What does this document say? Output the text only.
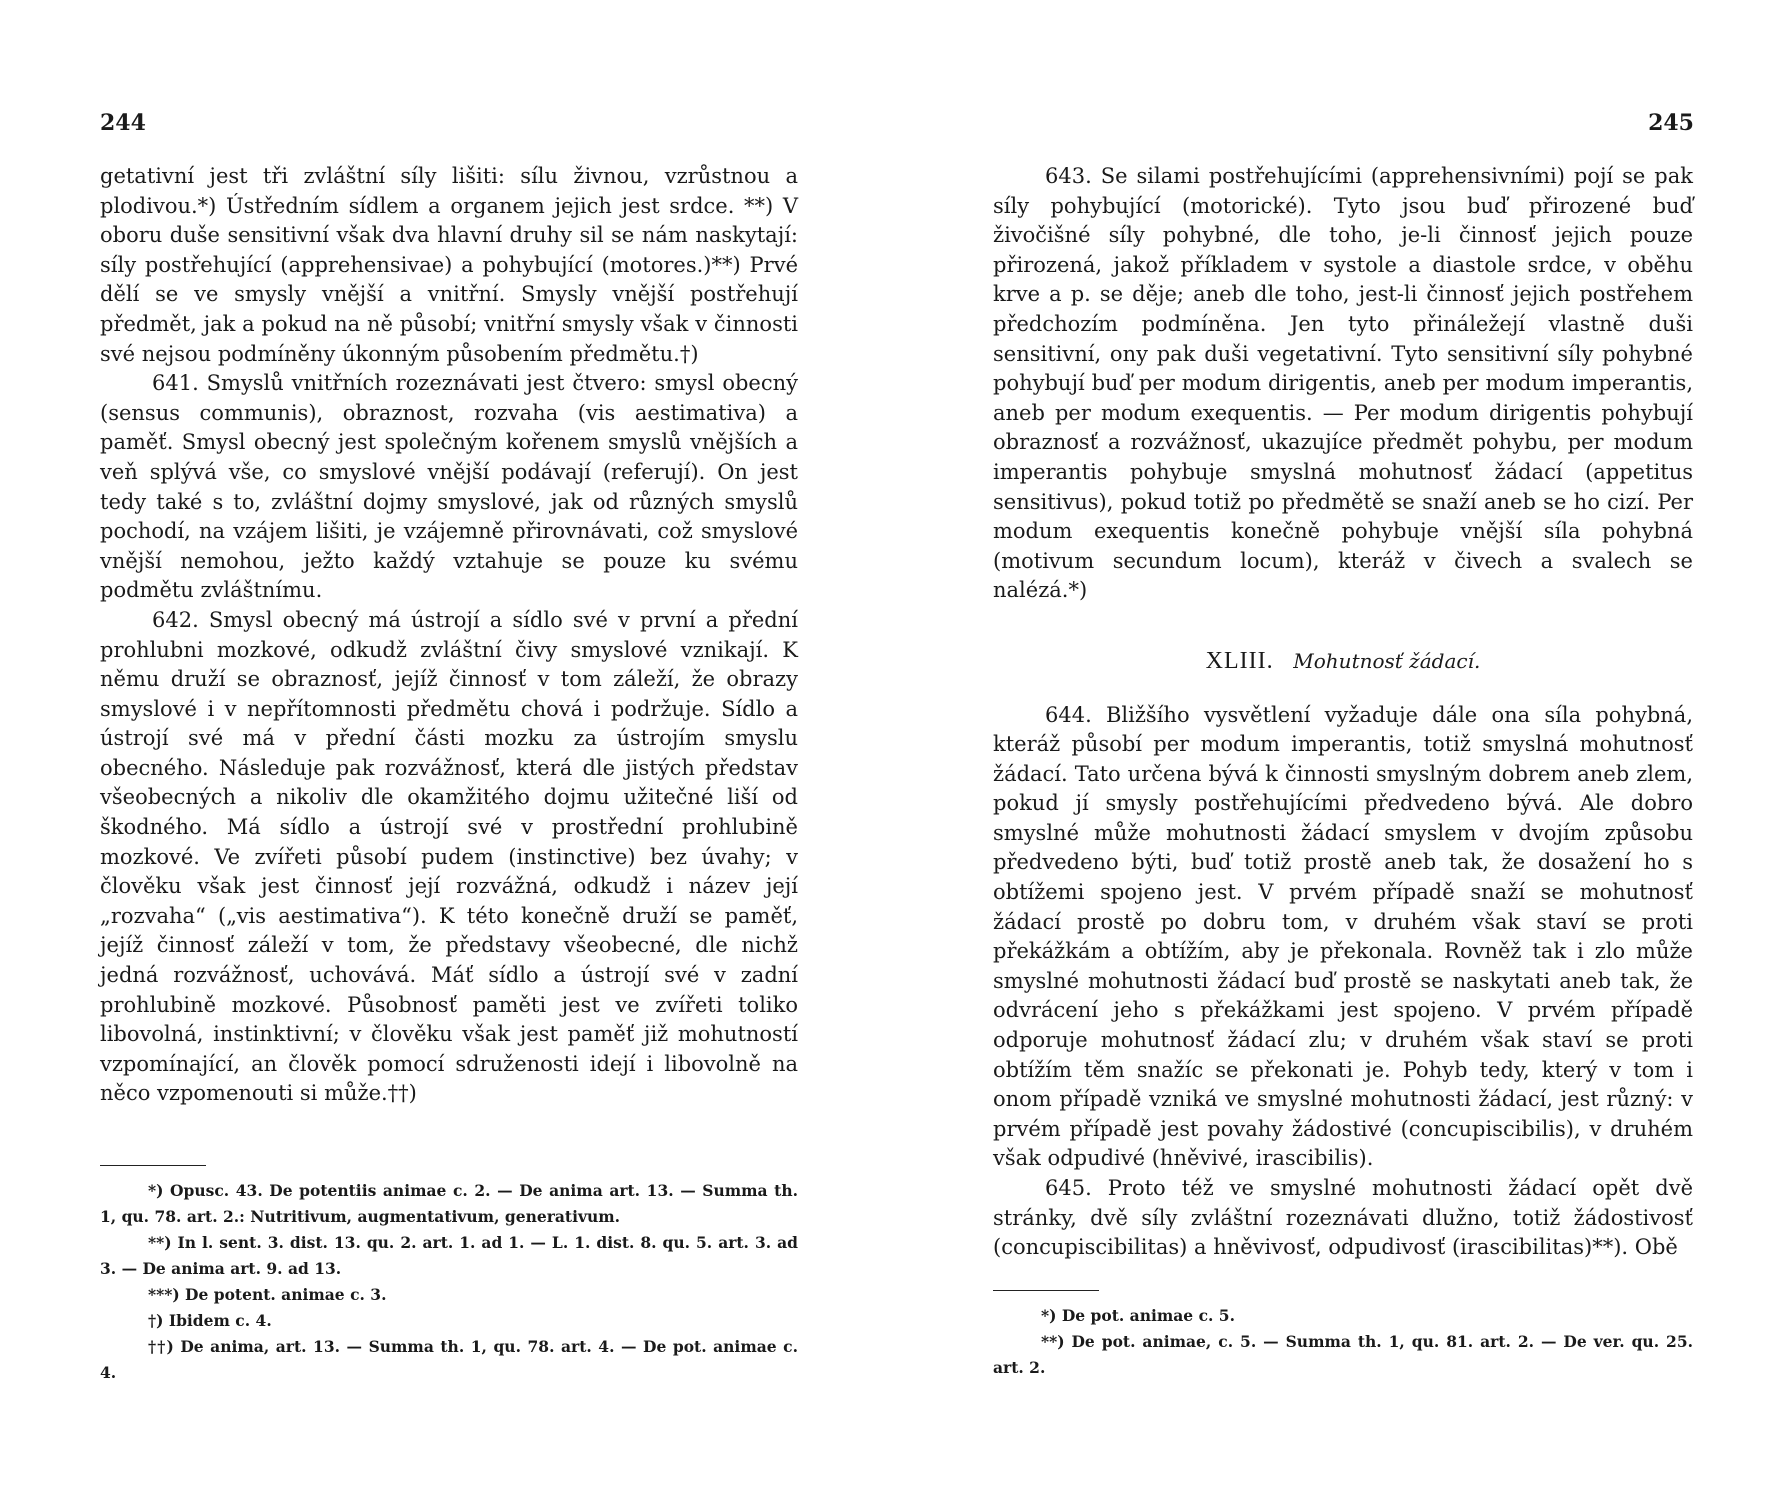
244

getativní jest tři zvláštní síly lišiti: sílu živnou, vzrůstnou a plodivou.*) Ústředním sídlem a organem jejich jest srdce. **) V oboru duše sensitivní však dva hlavní druhy sil se nám naskytají: síly postřehující (apprehensivae) a pohybující (motores.)**) Prvé dělí se ve smysly vnější a vnitřní. Smysly vnější postřehují předmět, jak a pokud na ně působí; vnitřní smysly však v činnosti své nejsou podmíněny úkonným působením předmětu.†)

641. Smyslů vnitřních rozeznávati jest čtvero: smysl obecný (sensus communis), obraznost, rozvaha (vis aestimativa) a paměť. Smysl obecný jest společným kořenem smyslů vnějších a veň splývá vše, co smyslové vnější podávají (referují). On jest tedy také s to, zvláštní dojmy smyslové, jak od různých smyslů pochodí, na vzájem lišiti, je vzájemně přirovnávati, což smyslové vnější nemohou, ježto každý vztahuje se pouze ku svému podmětu zvláštnímu.

642. Smysl obecný má ústrojí a sídlo své v první a přední prohlubni mozkové, odkudž zvláštní čivy smyslové vznikají. K němu druží se obraznosť, jejíž činnosť v tom záleží, že obrazy smyslové i v nepřítomnosti předmětu chová i podržuje. Sídlo a ústrojí své má v přední části mozku za ústrojím smyslu obecného. Následuje pak rozvážnosť, která dle jistých představ všeobecných a nikoliv dle okamžitého dojmu užitečné liší od škodného. Má sídlo a ústrojí své v prostřední prohlubině mozkové. Ve zvířeti působí pudem (instinctive) bez úvahy; v člověku však jest činnosť její rozvážná, odkudž i název její „rozvaha“ („vis aestimativa“). K této konečně druží se paměť, jejíž činnosť záleží v tom, že představy všeobecné, dle nichž jedná rozvážnosť, uchovává. Máť sídlo a ústrojí své v zadní prohlubině mozkové. Působnosť paměti jest ve zvířeti toliko libovolná, instinktivní; v člověku však jest paměť již mohutností vzpomínající, an člověk pomocí sdruženosti idejí i libovolně na něco vzpomenouti si může.††)

*) Opusc. 43. De potentiis animae c. 2. — De anima art. 13. — Summa th. 1, qu. 78. art. 2.: Nutritivum, augmentativum, generativum.

**) In l. sent. 3. dist. 13. qu. 2. art. 1. ad 1. — L. 1. dist. 8. qu. 5. art. 3. ad 3. — De anima art. 9. ad 13.

***) De potent. animae c. 3.

†) Ibidem c. 4.

††) De anima, art. 13. — Summa th. 1, qu. 78. art. 4. — De pot. animae c. 4.

245

643. Se silami postřehujícími (apprehensivními) pojí se pak síly pohybující (motorické). Tyto jsou buď přirozené buď živočišné síly pohybné, dle toho, je-li činnosť jejich pouze přirozená, jakož příkladem v systole a diastole srdce, v oběhu krve a p. se děje; aneb dle toho, jest-li činnosť jejich postřehem předchozím podmíněna. Jen tyto přináležejí vlastně duši sensitivní, ony pak duši vegetativní. Tyto sensitivní síly pohybné pohybují buď per modum dirigentis, aneb per modum imperantis, aneb per modum exequentis. — Per modum dirigentis pohybují obraznosť a rozvážnosť, ukazujíce předmět pohybu, per modum imperantis pohybuje smyslná mohutnosť žádací (appetitus sensitivus), pokud totiž po předmětě se snaží aneb se ho cizí. Per modum exequentis konečně pohybuje vnější síla pohybná (motivum secundum locum), kteráž v čivech a svalech se nalézá.*)

XLIII. Mohutnosť žádací.

644. Bližšího vysvětlení vyžaduje dále ona síla pohybná, kteráž působí per modum imperantis, totiž smyslná mohutnosť žádací. Tato určena bývá k činnosti smyslným dobrem aneb zlem, pokud jí smysly postřehujícími předvedeno bývá. Ale dobro smyslné může mohutnosti žádací smyslem v dvojím způsobu předvedeno býti, buď totiž prostě aneb tak, že dosažení ho s obtížemi spojeno jest. V prvém případě snaží se mohutnosť žádací prostě po dobru tom, v druhém však staví se proti překážkám a obtížím, aby je překonala. Rovněž tak i zlo může smyslné mohutnosti žádací buď prostě se naskytati aneb tak, že odvrácení jeho s překážkami jest spojeno. V prvém případě odporuje mohutnosť žádací zlu; v druhém však staví se proti obtížím těm snažíc se překonati je. Pohyb tedy, který v tom i onom případě vzniká ve smyslné mohutnosti žádací, jest různý: v prvém případě jest povahy žádostivé (concupiscibilis), v druhém však odpudivé (hněvivé, irascibilis).

645. Proto též ve smyslné mohutnosti žádací opět dvě stránky, dvě síly zvláštní rozeznávati dlužno, totiž žádostivosť (concupiscibilitas) a hněvivosť, odpudivosť (irascibilitas)**). Obě

*) De pot. animae c. 5.

**) De pot. animae, c. 5. — Summa th. 1, qu. 81. art. 2. — De ver. qu. 25. art. 2.
